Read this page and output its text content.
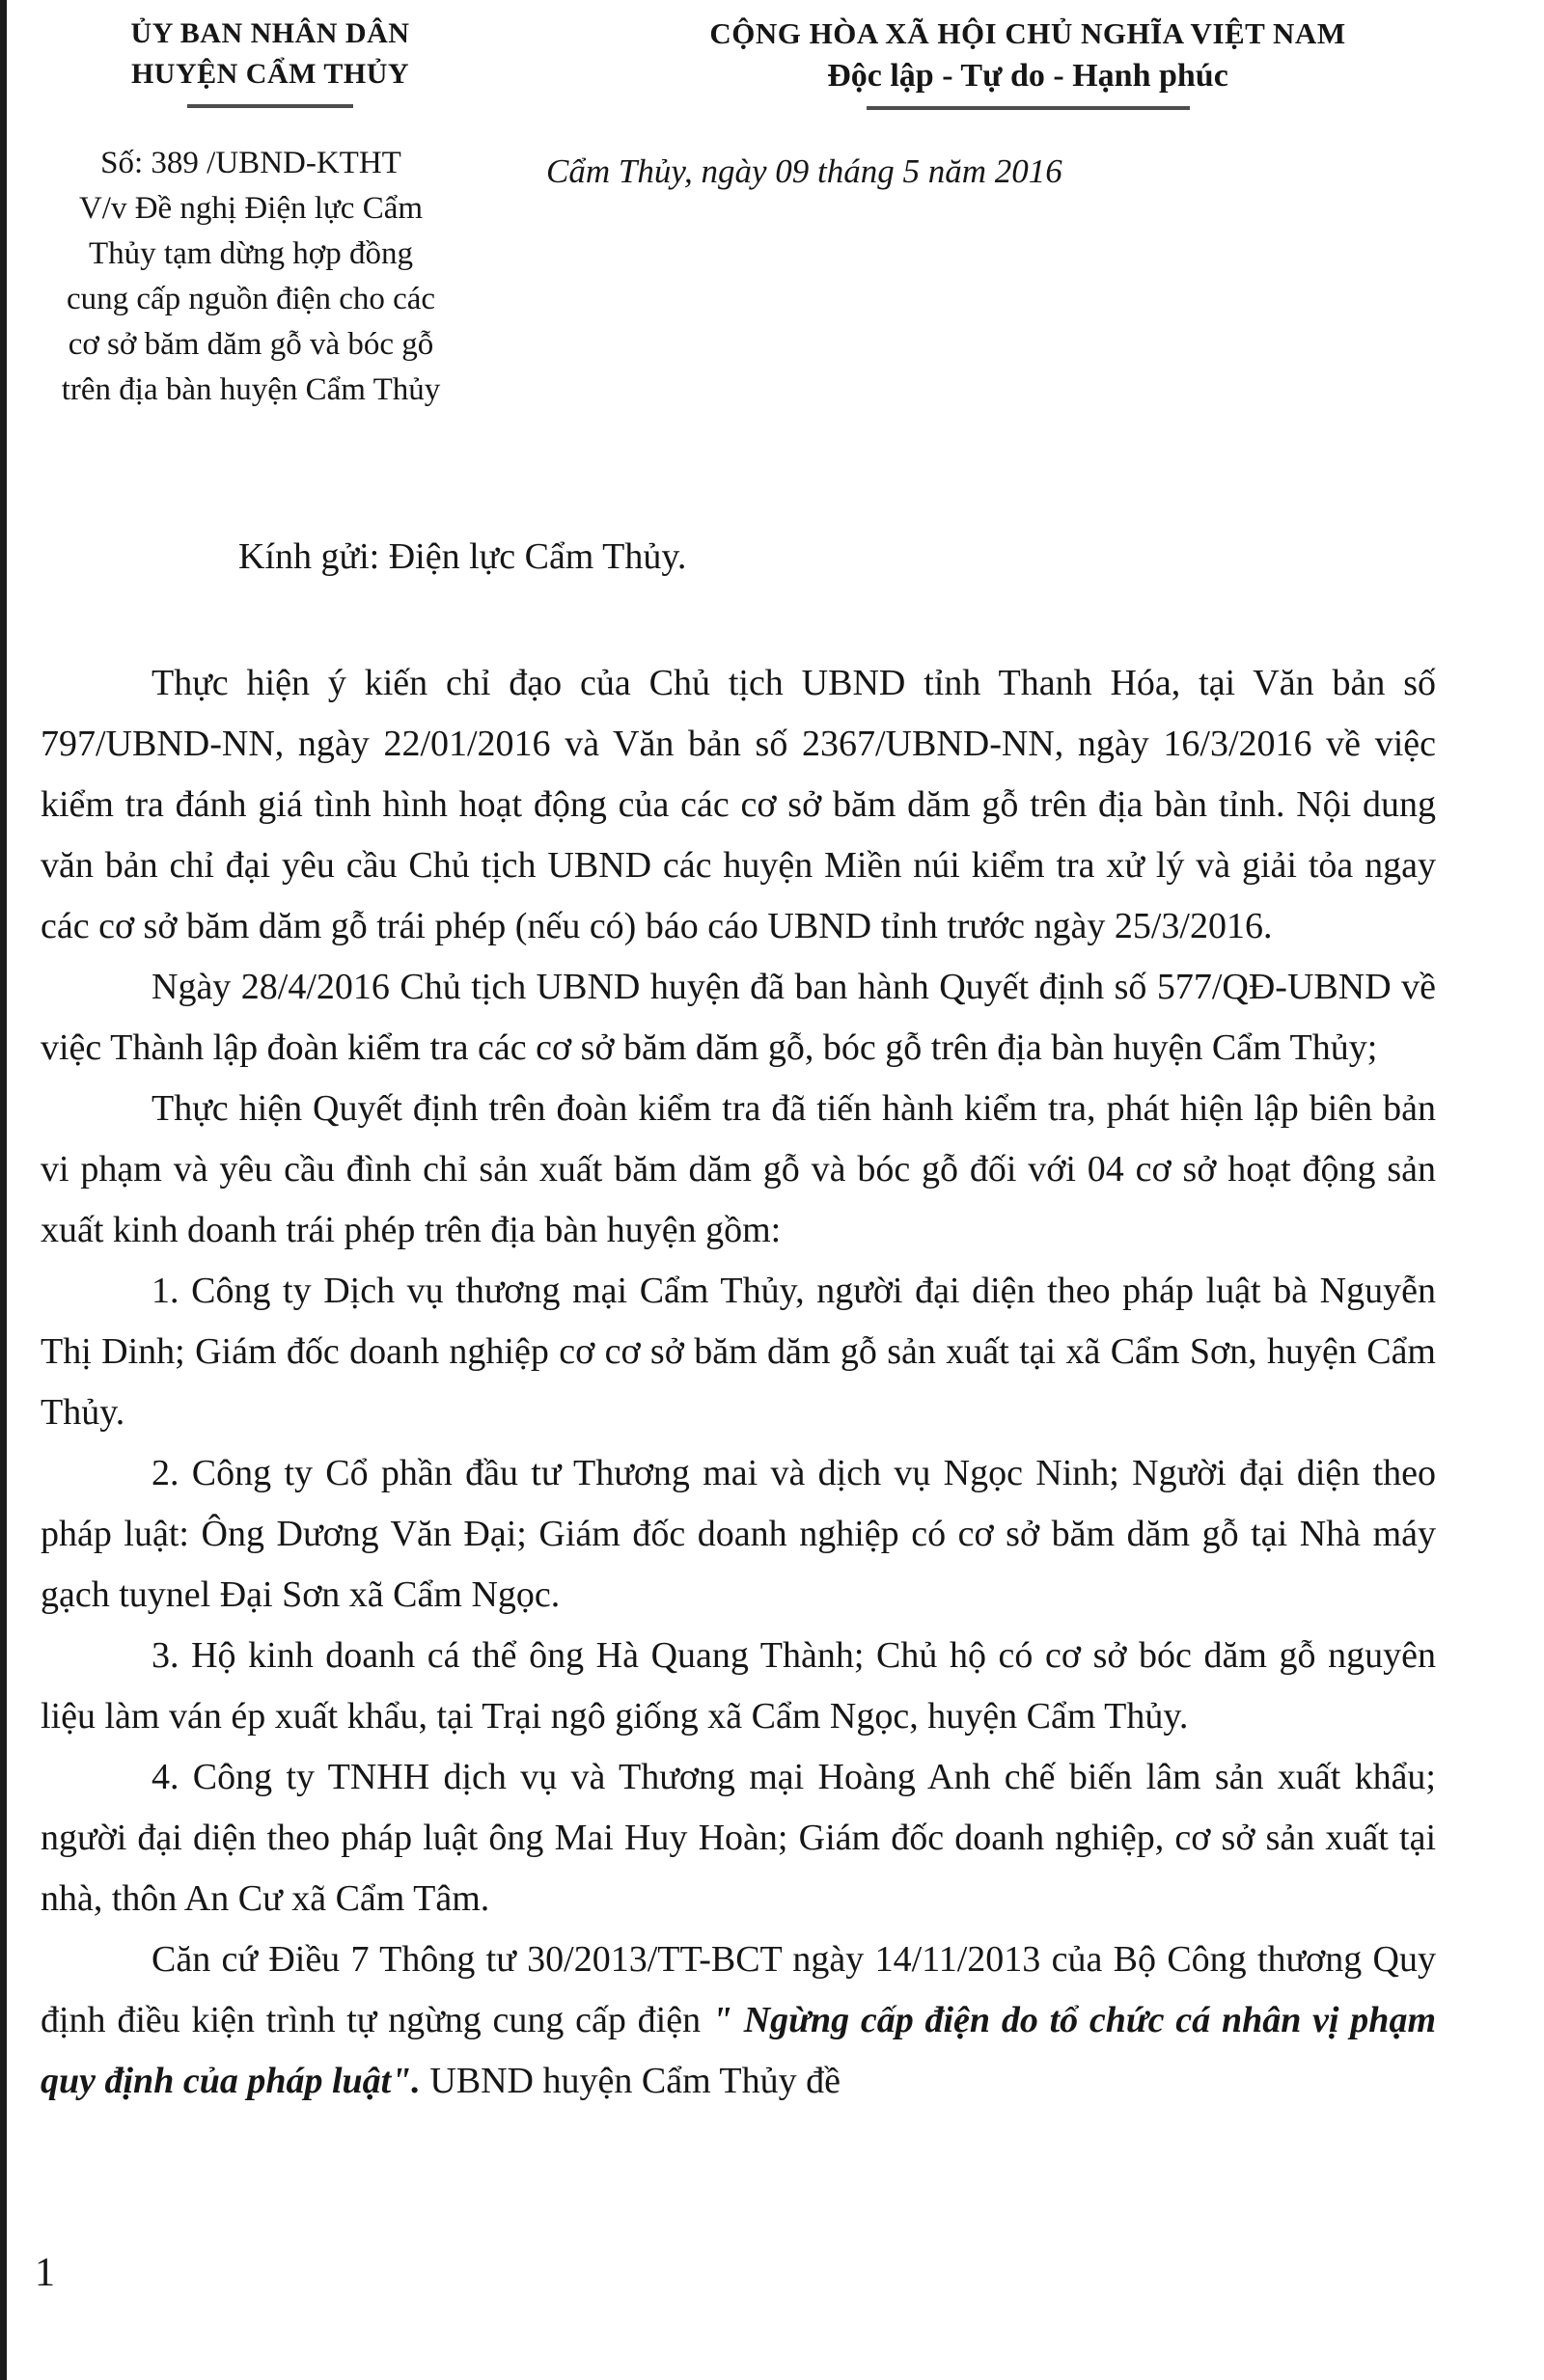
ỦY BAN NHÂN DÂN
HUYỆN CẨM THỦY
CỘNG HÒA XÃ HỘI CHỦ NGHĨA VIỆT NAM
Độc lập - Tự do - Hạnh phúc
Số: 389 /UBND-KTHT
V/v Đề nghị Điện lực Cẩm
Thủy tạm dừng hợp đồng
cung cấp nguồn điện cho các
cơ sở băm dăm gỗ và bóc gỗ
trên địa bàn huyện Cẩm Thủy
Cẩm Thủy, ngày 09 tháng 5 năm 2016
Kính gửi: Điện lực Cẩm Thủy.

Thực hiện ý kiến chỉ đạo của Chủ tịch UBND tỉnh Thanh Hóa, tại Văn bản số 797/UBND-NN, ngày 22/01/2016 và Văn bản số 2367/UBND-NN, ngày 16/3/2016 về việc kiểm tra đánh giá tình hình hoạt động của các cơ sở băm dăm gỗ trên địa bàn tỉnh. Nội dung văn bản chỉ đại yêu cầu Chủ tịch UBND các huyện Miền núi kiểm tra xử lý và giải tỏa ngay các cơ sở băm dăm gỗ trái phép (nếu có) báo cáo UBND tỉnh trước ngày 25/3/2016.

Ngày 28/4/2016 Chủ tịch UBND huyện đã ban hành Quyết định số 577/QĐ-UBND về việc Thành lập đoàn kiểm tra các cơ sở băm dăm gỗ, bóc gỗ trên địa bàn huyện Cẩm Thủy;

Thực hiện Quyết định trên đoàn kiểm tra đã tiến hành kiểm tra, phát hiện lập biên bản vi phạm và yêu cầu đình chỉ sản xuất băm dăm gỗ và bóc gỗ đối với 04 cơ sở hoạt động sản xuất kinh doanh trái phép trên địa bàn huyện gồm:

1. Công ty Dịch vụ thương mại Cẩm Thủy, người đại diện theo pháp luật bà Nguyễn Thị Dinh; Giám đốc doanh nghiệp cơ cơ sở băm dăm gỗ sản xuất tại xã Cẩm Sơn, huyện Cẩm Thủy.

2. Công ty Cổ phần đầu tư Thương mai và dịch vụ Ngọc Ninh; Người đại diện theo pháp luật: Ông Dương Văn Đại; Giám đốc doanh nghiệp có cơ sở băm dăm gỗ tại Nhà máy gạch tuynel Đại Sơn xã Cẩm Ngọc.

3. Hộ kinh doanh cá thể ông Hà Quang Thành; Chủ hộ có cơ sở bóc dăm gỗ nguyên liệu làm ván ép xuất khẩu, tại Trại ngô giống xã Cẩm Ngọc, huyện Cẩm Thủy.

4. Công ty TNHH dịch vụ và Thương mại Hoàng Anh chế biến lâm sản xuất khẩu; người đại diện theo pháp luật ông Mai Huy Hoàn; Giám đốc doanh nghiệp, cơ sở sản xuất tại nhà, thôn An Cư xã Cẩm Tâm.

Căn cứ Điều 7 Thông tư 30/2013/TT-BCT ngày 14/11/2013 của Bộ Công thương Quy định điều kiện trình tự ngừng cung cấp điện " Ngừng cấp điện do tổ chức cá nhân vị phạm quy định của pháp luật". UBND huyện Cẩm Thủy đề

1
